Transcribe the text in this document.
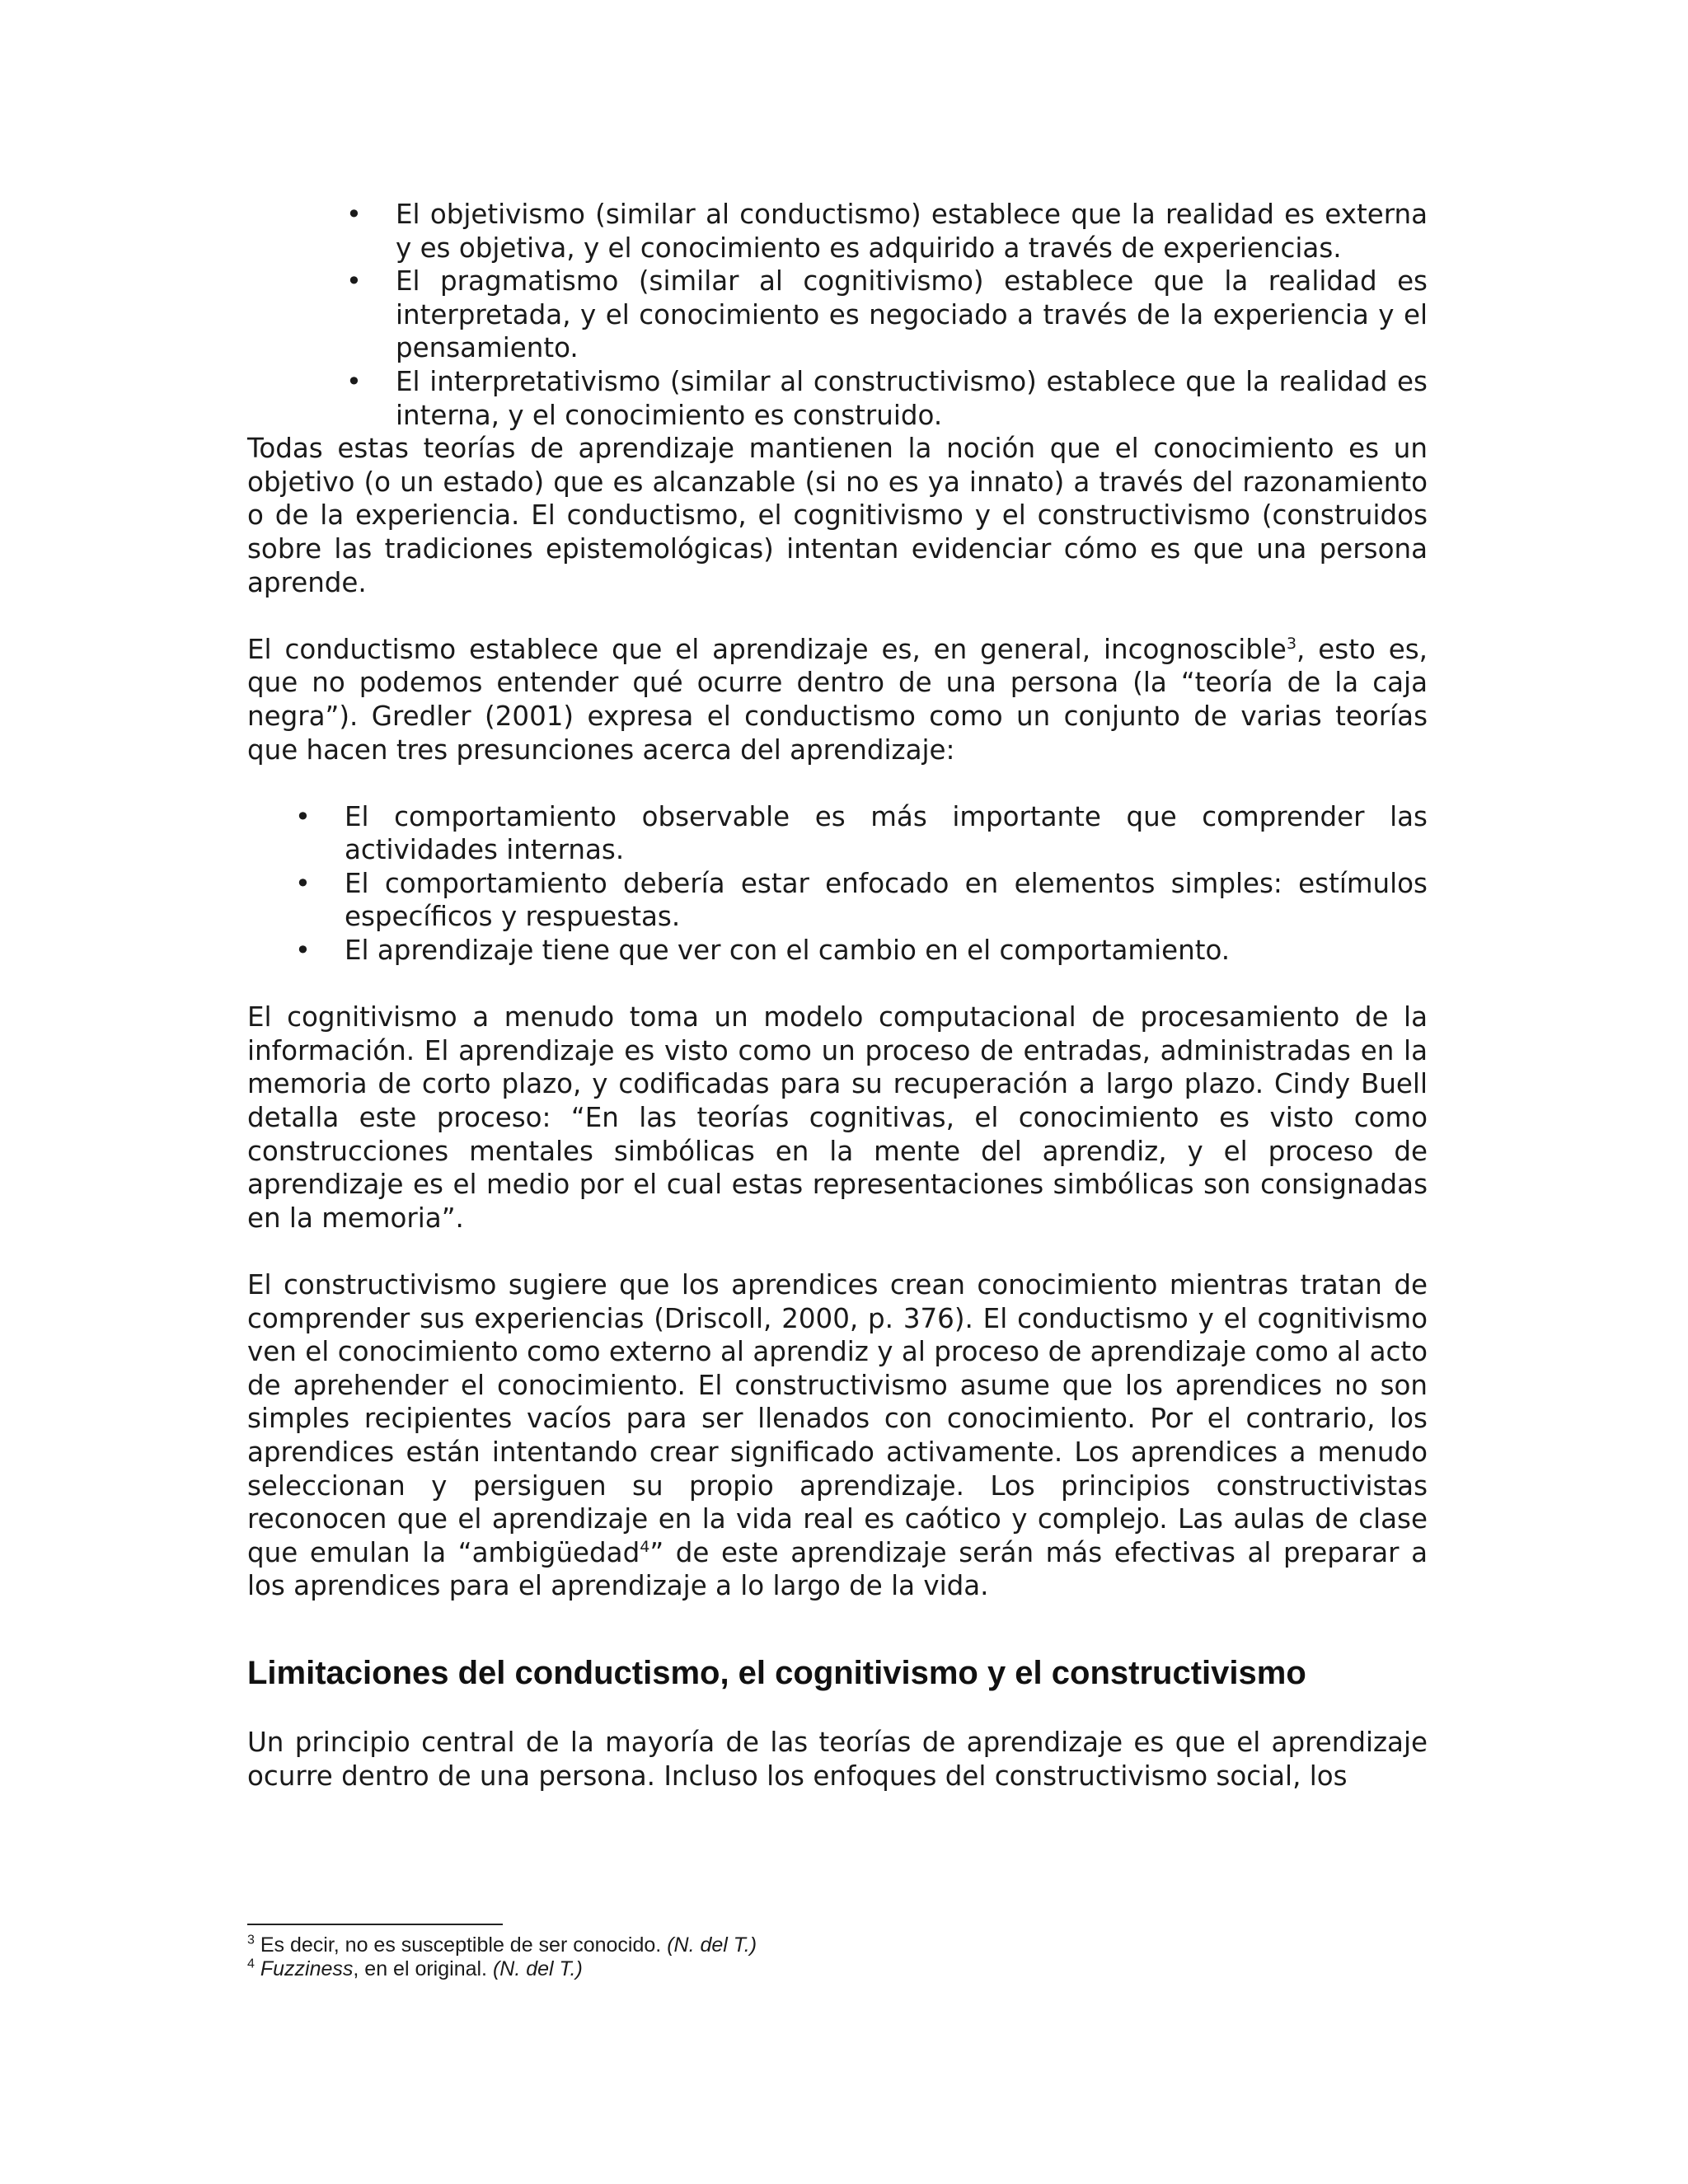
• El objetivismo (similar al conductismo) establece que la realidad es externa y es objetiva, y el conocimiento es adquirido a través de experiencias.
• El pragmatismo (similar al cognitivismo) establece que la realidad es interpretada, y el conocimiento es negociado a través de la experiencia y el pensamiento.
• El interpretativismo (similar al constructivismo) establece que la realidad es interna, y el conocimiento es construido.

Todas estas teorías de aprendizaje mantienen la noción que el conocimiento es un objetivo (o un estado) que es alcanzable (si no es ya innato) a través del razonamiento o de la experiencia. El conductismo, el cognitivismo y el constructivismo (construidos sobre las tradiciones epistemológicas) intentan evidenciar cómo es que una persona aprende.

El conductismo establece que el aprendizaje es, en general, incognoscible$^3$, esto es, que no podemos entender qué ocurre dentro de una persona (la “teoría de la caja negra”). Gredler (2001) expresa el conductismo como un conjunto de varias teorías que hacen tres presunciones acerca del aprendizaje:

• El comportamiento observable es más importante que comprender las actividades internas.
• El comportamiento debería estar enfocado en elementos simples: estímulos específicos y respuestas.
• El aprendizaje tiene que ver con el cambio en el comportamiento.

El cognitivismo a menudo toma un modelo computacional de procesamiento de la información. El aprendizaje es visto como un proceso de entradas, administradas en la memoria de corto plazo, y codificadas para su recuperación a largo plazo. Cindy Buell detalla este proceso: “En las teorías cognitivas, el conocimiento es visto como construcciones mentales simbólicas en la mente del aprendiz, y el proceso de aprendizaje es el medio por el cual estas representaciones simbólicas son consignadas en la memoria”.

El constructivismo sugiere que los aprendices crean conocimiento mientras tratan de comprender sus experiencias (Driscoll, 2000, p. 376). El conductismo y el cognitivismo ven el conocimiento como externo al aprendiz y al proceso de aprendizaje como al acto de aprehender el conocimiento. El constructivismo asume que los aprendices no son simples recipientes vacíos para ser llenados con conocimiento. Por el contrario, los aprendices están intentando crear significado activamente. Los aprendices a menudo seleccionan y persiguen su propio aprendizaje. Los principios constructivistas reconocen que el aprendizaje en la vida real es caótico y complejo. Las aulas de clase que emulan la “ambigüedad$^4$” de este aprendizaje serán más efectivas al preparar a los aprendices para el aprendizaje a lo largo de la vida.

Limitaciones del conductismo, el cognitivismo y el constructivismo

Un principio central de la mayoría de las teorías de aprendizaje es que el aprendizaje ocurre dentro de una persona. Incluso los enfoques del constructivismo social, los

$^3$ Es decir, no es susceptible de ser conocido. (N. del T.)
$^4$ Fuzziness, en el original. (N. del T.)
